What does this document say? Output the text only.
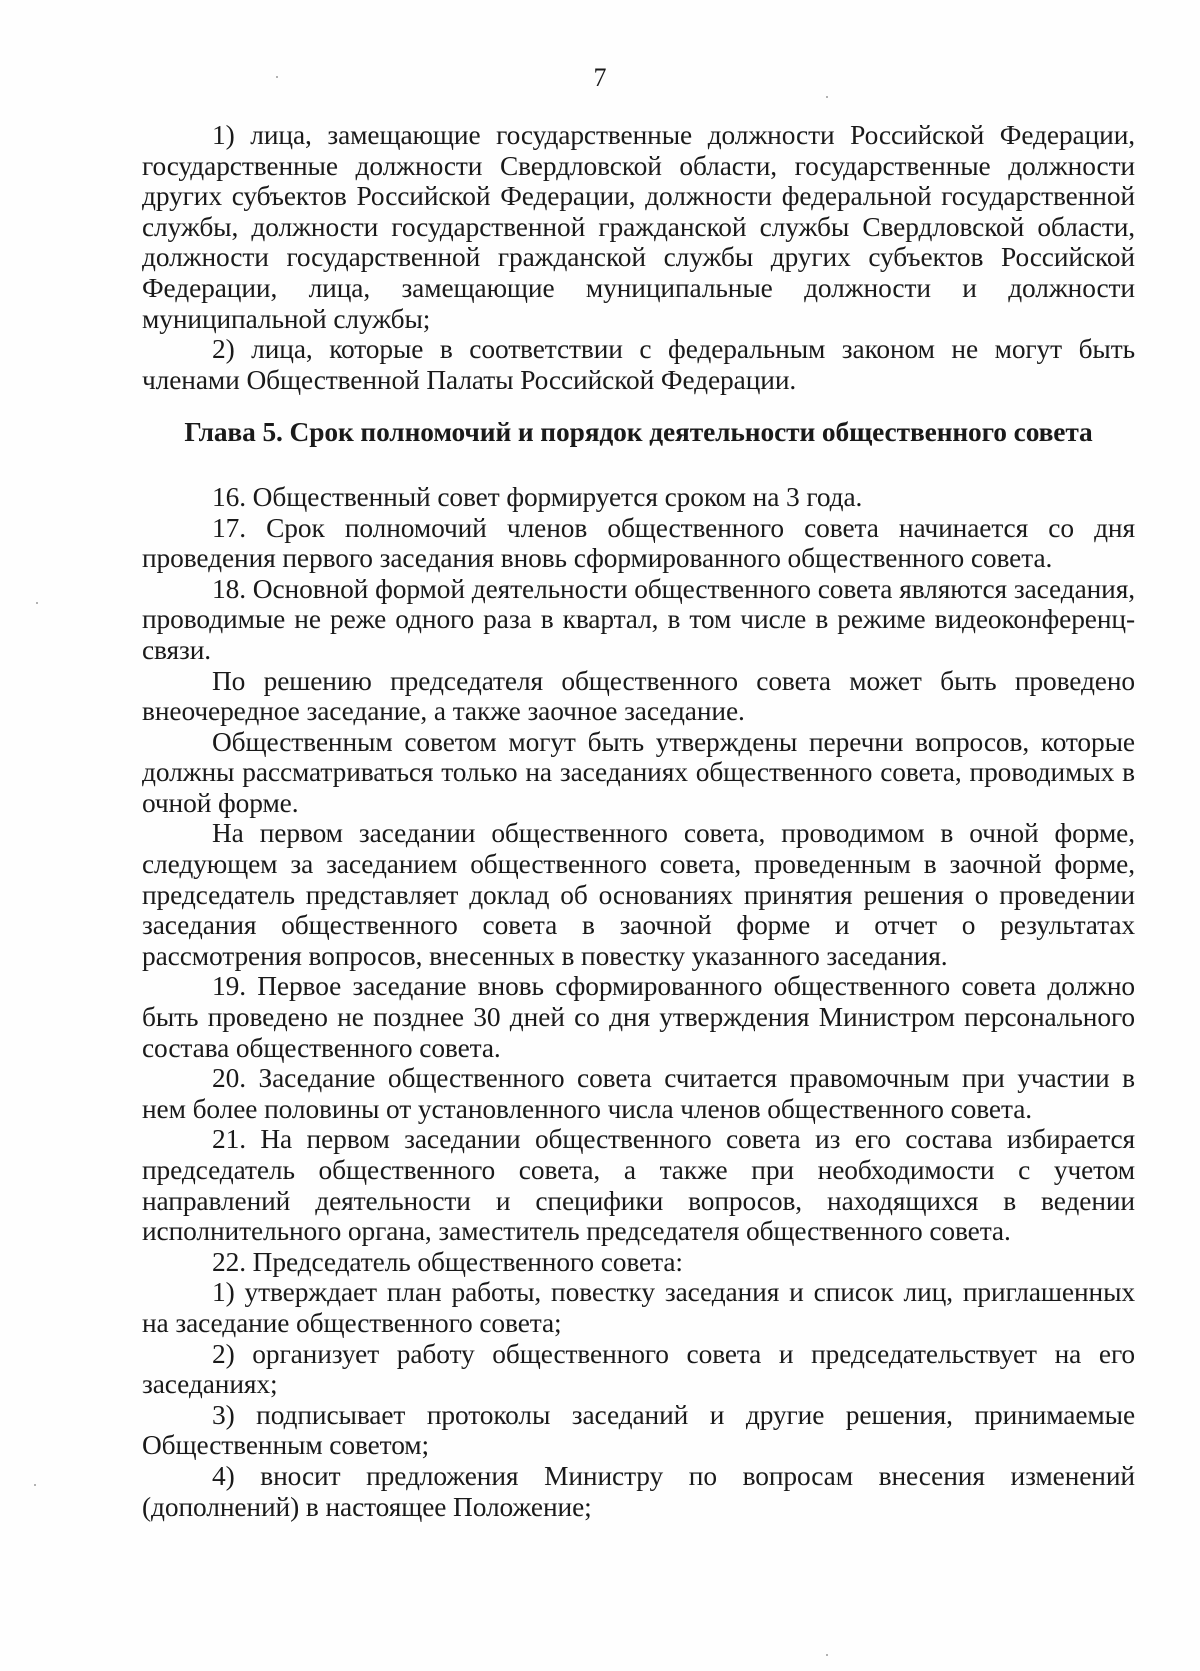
7

1) лица, замещающие государственные должности Российской Федерации, государственные должности Свердловской области, государственные должности других субъектов Российской Федерации, должности федеральной государственной службы, должности государственной гражданской службы Свердловской области, должности государственной гражданской службы других субъектов Российской Федерации, лица, замещающие муниципальные должности и должности муниципальной службы;

2) лица, которые в соответствии с федеральным законом не могут быть членами Общественной Палаты Российской Федерации.

Глава 5. Срок полномочий и порядок деятельности общественного совета

16. Общественный совет формируется сроком на 3 года.

17. Срок полномочий членов общественного совета начинается со дня проведения первого заседания вновь сформированного общественного совета.

18. Основной формой деятельности общественного совета являются заседания, проводимые не реже одного раза в квартал, в том числе в режиме видеоконференц-связи.

По решению председателя общественного совета может быть проведено внеочередное заседание, а также заочное заседание.

Общественным советом могут быть утверждены перечни вопросов, которые должны рассматриваться только на заседаниях общественного совета, проводимых в очной форме.

На первом заседании общественного совета, проводимом в очной форме, следующем за заседанием общественного совета, проведенным в заочной форме, председатель представляет доклад об основаниях принятия решения о проведении заседания общественного совета в заочной форме и отчет о результатах рассмотрения вопросов, внесенных в повестку указанного заседания.

19. Первое заседание вновь сформированного общественного совета должно быть проведено не позднее 30 дней со дня утверждения Министром персонального состава общественного совета.

20. Заседание общественного совета считается правомочным при участии в нем более половины от установленного числа членов общественного совета.

21. На первом заседании общественного совета из его состава избирается председатель общественного совета, а также при необходимости с учетом направлений деятельности и специфики вопросов, находящихся в ведении исполнительного органа, заместитель председателя общественного совета.

22. Председатель общественного совета:

1) утверждает план работы, повестку заседания и список лиц, приглашенных на заседание общественного совета;

2) организует работу общественного совета и председательствует на его заседаниях;

3) подписывает протоколы заседаний и другие решения, принимаемые Общественным советом;

4) вносит предложения Министру по вопросам внесения изменений (дополнений) в настоящее Положение;
